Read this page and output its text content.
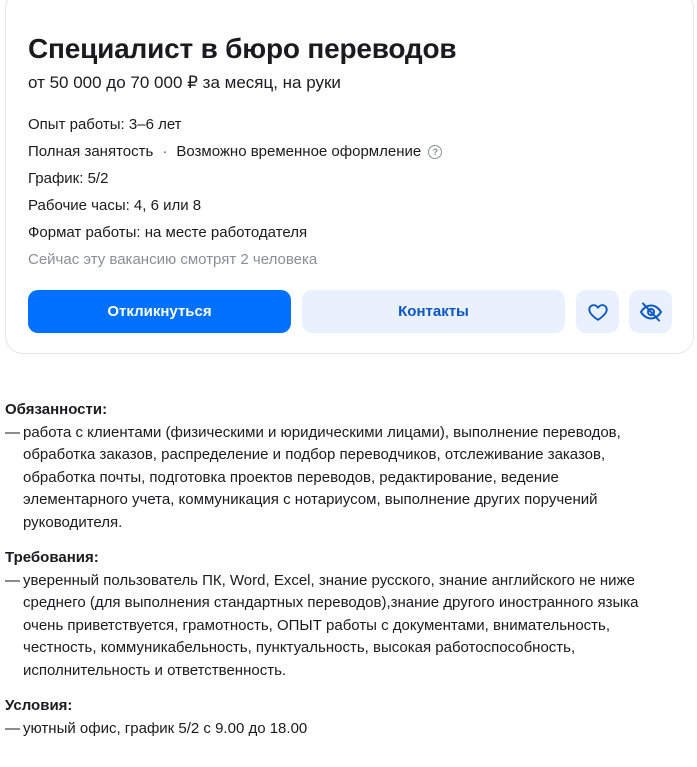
Специалист в бюро переводов
от 50 000 до 70 000 ₽ за месяц, на руки
Опыт работы: 3–6 лет
Полная занятость · Возможно временное оформление	?
График: 5/2
Рабочие часы: 4, 6 или 8
Формат работы: на месте работодателя
Сейчас эту вакансию смотрят 2 человека
Откликнуться	Контакты
Обязанности:
— работа с клиентами (физическими и юридическими лицами), выполнение переводов,
обработка заказов, распределение и подбор переводчиков, отслеживание заказов,
обработка почты, подготовка проектов переводов, редактирование, ведение
элементарного учета, коммуникация с нотариусом, выполнение других поручений
руководителя.
Требования:
— уверенный пользователь ПК, Word, Excel, знание русского, знание английского не ниже
среднего (для выполнения стандартных переводов),знание другого иностранного языка
очень приветствуется, грамотность, ОПЫТ работы с документами, внимательность,
честность, коммуникабельность, пунктуальность, высокая работоспособность,
исполнительность и ответственность.
Условия:
— уютный офис, график 5/2 с 9.00 до 18.00
